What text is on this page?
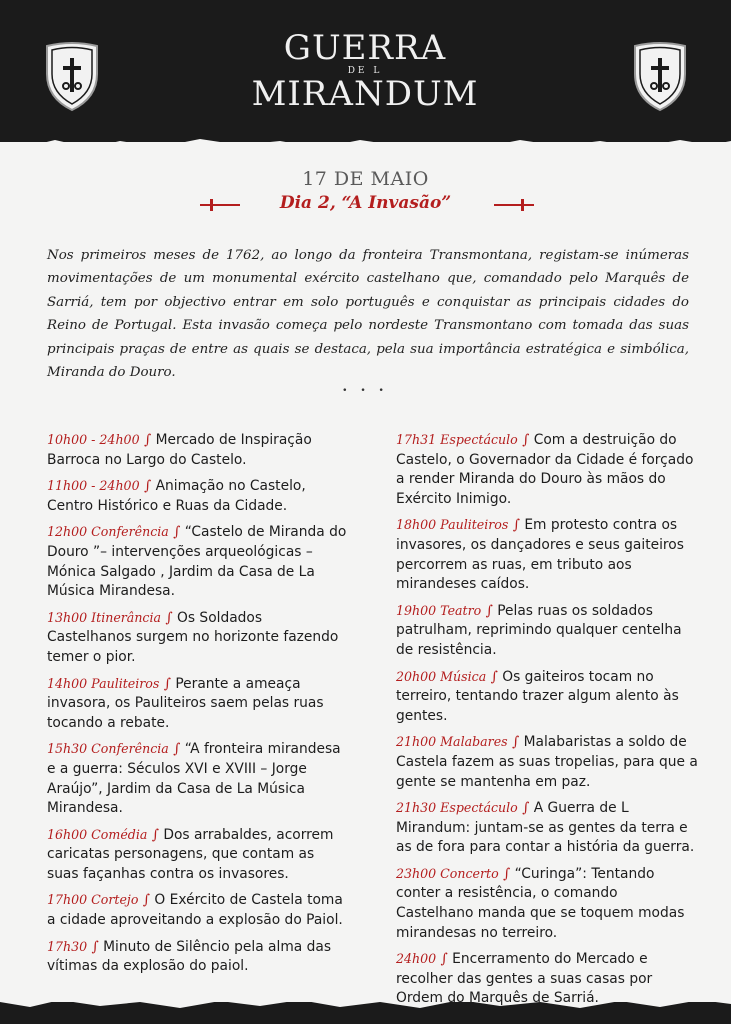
GUERRA
DE L
MIRANDUM
17 DE MAIO
Dia 2, “A Invasão”

Nos primeiros meses de 1762, ao longo da fronteira Transmontana, registam-se inúmeras movimentações de um monumental exército castelhano que, comandado pelo Marquês de Sarriá, tem por objectivo entrar em solo português e conquistar as principais cidades do Reino de Portugal. Esta invasão começa pelo nordeste Transmontano com tomada das suas principais praças de entre as quais se destaca, pela sua importância estratégica e simbólica, Miranda do Douro.

• • •
10h00 - 24h00 ∫ Mercado de Inspiração Barroca no Largo do Castelo.
11h00 - 24h00 ∫ Animação no Castelo, Centro Histórico e Ruas da Cidade.
12h00 Conferência ∫ “Castelo de Miranda do Douro ”– intervenções arqueológicas – Mónica Salgado , Jardim da Casa de La Música Mirandesa.
13h00 Itinerância ∫ Os Soldados Castelhanos surgem no horizonte fazendo temer o pior.
14h00 Pauliteiros ∫ Perante a ameaça invasora, os Pauliteiros saem pelas ruas tocando a rebate.
15h30 Conferência ∫ “A fronteira mirandesa e a guerra: Séculos XVI e XVIII – Jorge Araújo”, Jardim da Casa de La Música Mirandesa.
16h00 Comédia ∫ Dos arrabaldes, acorrem caricatas personagens, que contam as suas façanhas contra os invasores.
17h00 Cortejo ∫ O Exército de Castela toma a cidade aproveitando a explosão do Paiol.
17h30 ∫ Minuto de Silêncio pela alma das vítimas da explosão do paiol.
17h31 Espectáculo ∫ Com a destruição do Castelo, o Governador da Cidade é forçado a render Miranda do Douro às mãos do Exército Inimigo.
18h00 Pauliteiros ∫ Em protesto contra os invasores, os dançadores e seus gaiteiros percorrem as ruas, em tributo aos mirandeses caídos.
19h00 Teatro ∫ Pelas ruas os soldados patrulham, reprimindo qualquer centelha de resistência.
20h00 Música ∫ Os gaiteiros tocam no terreiro, tentando trazer algum alento às gentes.
21h00 Malabares ∫ Malabaristas a soldo de Castela fazem as suas tropelias, para que a gente se mantenha em paz.
21h30 Espectáculo ∫ A Guerra de L Mirandum: juntam-se as gentes da terra e as de fora para contar a história da guerra.
23h00 Concerto ∫ “Curinga”: Tentando conter a resistência, o comando Castelhano manda que se toquem modas mirandesas no terreiro.
24h00 ∫ Encerramento do Mercado e recolher das gentes a suas casas por Ordem do Marquês de Sarriá.
